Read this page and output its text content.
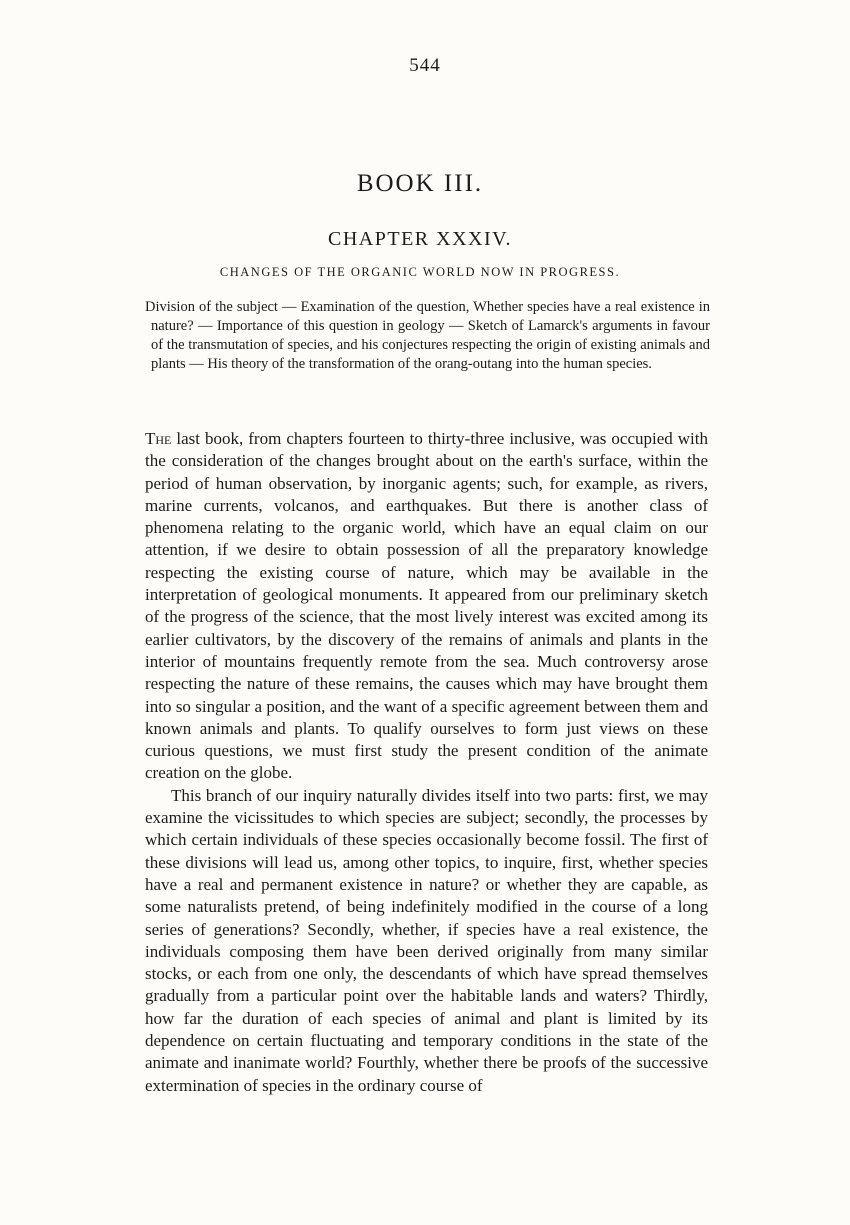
544
BOOK III.
CHAPTER XXXIV.
CHANGES OF THE ORGANIC WORLD NOW IN PROGRESS.
Division of the subject — Examination of the question, Whether species have a real existence in nature? — Importance of this question in geology — Sketch of Lamarck's arguments in favour of the transmutation of species, and his conjectures respecting the origin of existing animals and plants — His theory of the transformation of the orang-outang into the human species.

The last book, from chapters fourteen to thirty-three inclusive, was occupied with the consideration of the changes brought about on the earth's surface, within the period of human observation, by inorganic agents; such, for example, as rivers, marine currents, volcanos, and earthquakes. But there is another class of phenomena relating to the organic world, which have an equal claim on our attention, if we desire to obtain possession of all the preparatory knowledge respecting the existing course of nature, which may be available in the interpretation of geological monuments. It appeared from our preliminary sketch of the progress of the science, that the most lively interest was excited among its earlier cultivators, by the discovery of the remains of animals and plants in the interior of mountains frequently remote from the sea. Much controversy arose respecting the nature of these remains, the causes which may have brought them into so singular a position, and the want of a specific agreement between them and known animals and plants. To qualify ourselves to form just views on these curious questions, we must first study the present condition of the animate creation on the globe.

This branch of our inquiry naturally divides itself into two parts: first, we may examine the vicissitudes to which species are subject; secondly, the processes by which certain individuals of these species occasionally become fossil. The first of these divisions will lead us, among other topics, to inquire, first, whether species have a real and permanent existence in nature? or whether they are capable, as some naturalists pretend, of being indefinitely modified in the course of a long series of generations? Secondly, whether, if species have a real existence, the individuals composing them have been derived originally from many similar stocks, or each from one only, the descendants of which have spread themselves gradually from a particular point over the habitable lands and waters? Thirdly, how far the duration of each species of animal and plant is limited by its dependence on certain fluctuating and temporary conditions in the state of the animate and inanimate world? Fourthly, whether there be proofs of the successive extermination of species in the ordinary course of
